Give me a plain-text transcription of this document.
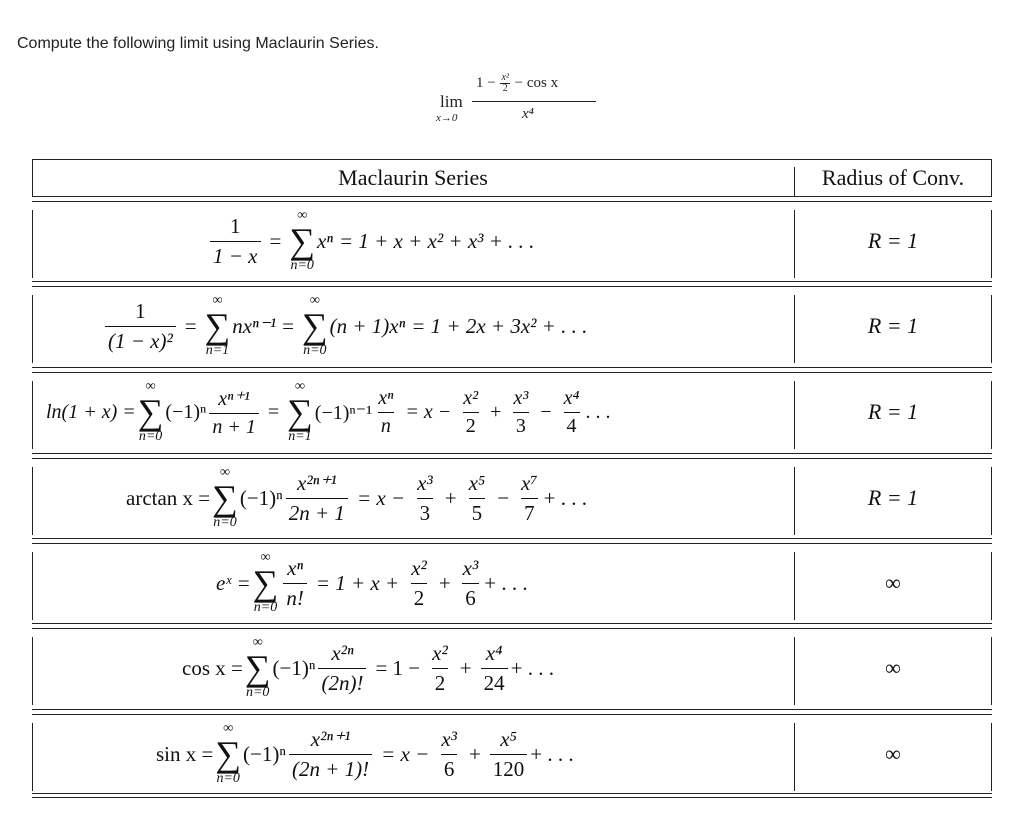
Compute the following limit using Maclaurin Series.
lim
x→0
$1 - \frac{\text{x²}}{2} - \cos x$
x⁴
Maclaurin Series	Radius of Conv.
$\frac{1}{1 - x}$ =
∞
∑
n=0
xⁿ = 1 + x + x² + x³ + . . .	R = 1
$\frac{1}{\text{(1 − x)²}}$ =
∞
∑
n=1
nxⁿ⁻¹ =
∞
∑
n=0
(n + 1)xⁿ = 1 + 2x + 3x² + . . .	R = 1
ln(1 + x) =
∞
∑
n=0
$(-1)^n \frac{\text{xⁿ⁺¹}}{n + 1}$ =
∞
∑
n=1
$(-1)^{n-1} \frac{\text{xⁿ}}{n} = x - \frac{\text{x²}}{2} + \frac{\text{x³}}{3} - \frac{\text{x⁴}}{4}$ . . .	R = 1
arctan x =
∞
∑
n=0
$(-1)^n \frac{\text{x²ⁿ⁺¹}}{2n + 1} = x - \frac{\text{x³}}{3} + \frac{\text{x⁵}}{5} - \frac{\text{x⁷}}{7}$ + . . .	R = 1
eˣ =
∞
∑
$n=0 \frac{\text{xⁿ}}{n!} = 1 + x + \frac{\text{x²}}{2} + \frac{\text{x³}}{6}$ + . . .	∞
cos x =
∞
∑
n=0
$(-1)^n \frac{\text{x²ⁿ}}{(2n)!} = 1 - \frac{\text{x²}}{2} + \frac{\text{x⁴}}{24}$ + . . .	∞
sin x =
∞
∑
n=0
$(-1)^n \frac{\text{x²ⁿ⁺¹}}{(2n + 1)!} = x - \frac{\text{x³}}{6} + \frac{\text{x⁵}}{120}$ + . . .	∞
